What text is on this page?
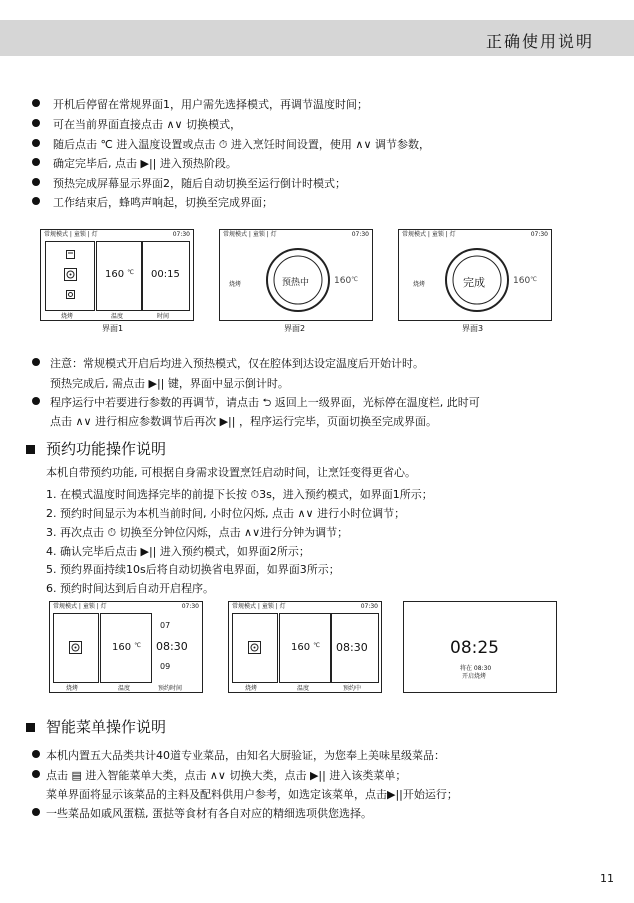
正确使用说明
开机后停留在常规界面1，用户需先选择模式，再调节温度时间；
可在当前界面直接点击 ∧∨ 切换模式，
随后点击 ℃ 进入温度设置或点击 ⏱ 进入烹饪时间设置，使用 ∧∨ 调节参数，
确定完毕后, 点击 ▶|| 进入预热阶段。
预热完成屏幕显示界面2，随后自动切换至运行倒计时模式；
工作结束后，蜂鸣声响起，切换至完成界面；
常规模式 | 童锁 | 灯	07:30
160 ℃ 00:15
烧烤	温度	时间
界面1
常规模式 | 童锁 | 灯	07:30
烧烤	预热中	160℃
界面2
常规模式 | 童锁 | 灯	07:30
烧烤	完成	160℃
界面3
注意：常规模式开启后均进入预热模式，仅在腔体到达设定温度后开始计时。
预热完成后, 需点击 ▶|| 键，界面中显示倒计时。
程序运行中若要进行参数的再调节，请点击 ⮌ 返回上一级界面，光标停在温度栏, 此时可
点击 ∧∨ 进行相应参数调节后再次 ▶|| ，程序运行完毕，页面切换至完成界面。
预约功能操作说明
本机自带预约功能, 可根据自身需求设置烹饪启动时间，让烹饪变得更省心。
1. 在模式温度时间选择完毕的前提下长按 ⏱3s，进入预约模式，如界面1所示；
2. 预约时间显示为本机当前时间, 小时位闪烁, 点击 ∧∨ 进行小时位调节；
3. 再次点击 ⏱ 切换至分钟位闪烁，点击 ∧∨进行分钟为调节；
4. 确认完毕后点击 ▶|| 进入预约模式，如界面2所示；
5. 预约界面持续10s后将自动切换省电界面，如界面3所示；
6. 预约时间达到后自动开启程序。
常规模式 | 童锁 | 灯	07:30
160 ℃
07
08:30
09
烧烤	温度	预约时间
常规模式 | 童锁 | 灯	07:30
160 ℃ 08:30
烧烤	温度	预约中
08:25
将在 08:30
开启烧烤
智能菜单操作说明
本机内置五大品类共计40道专业菜品，由知名大厨验证，为您奉上美味星级菜品：
点击 ▤ 进入智能菜单大类，点击 ∧∨ 切换大类，点击 ▶|| 进入该类菜单；
菜单界面将显示该菜品的主料及配料供用户参考，如选定该菜单，点击▶||开始运行；
一些菜品如戚风蛋糕, 蛋挞等食材有各自对应的精细选项供您选择。
11
